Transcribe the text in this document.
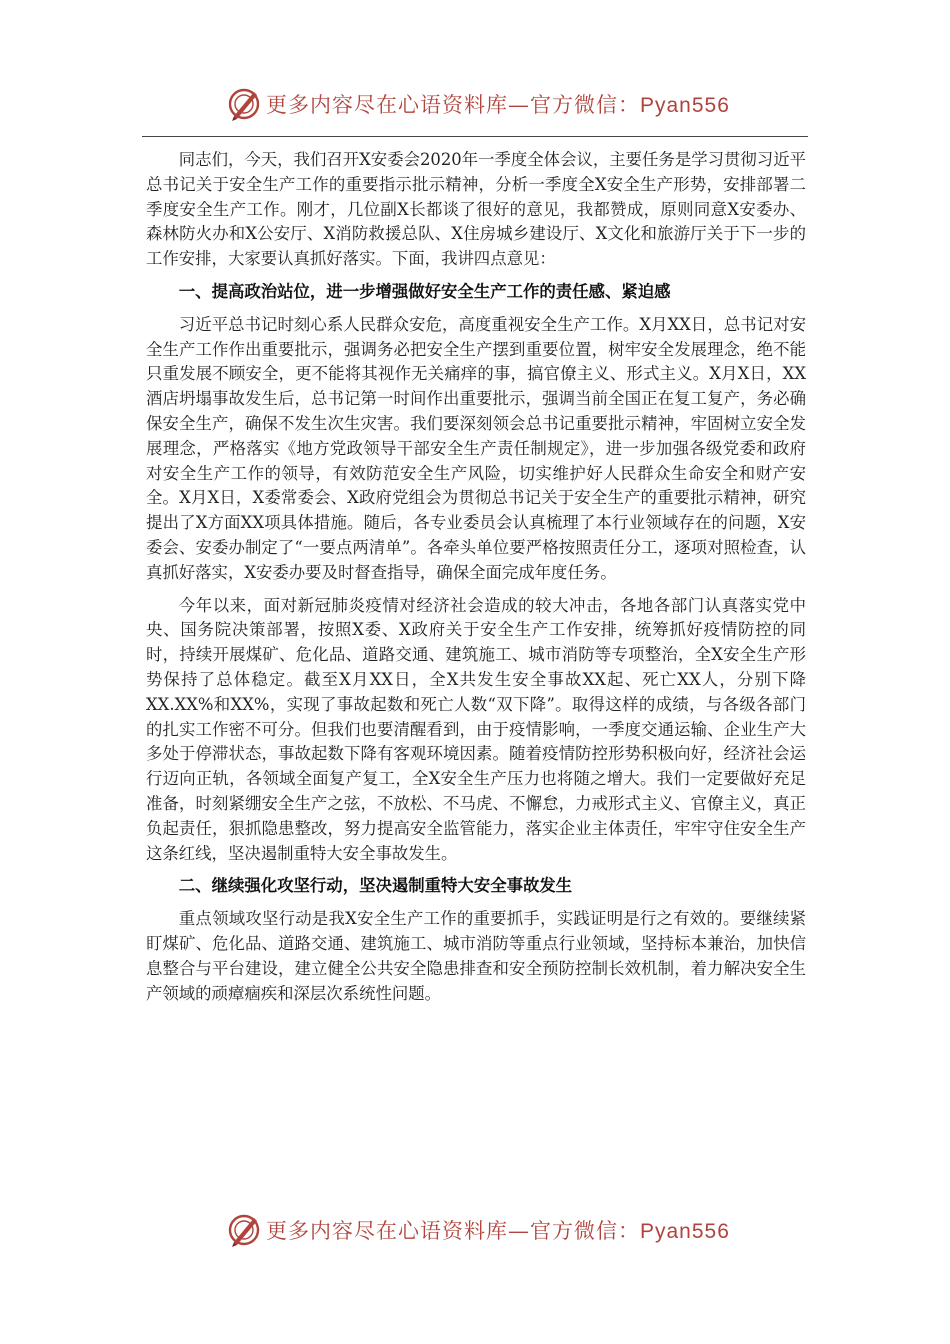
更多内容尽在心语资料库—官方微信：Pyan556

同志们，今天，我们召开X安委会2020年一季度全体会议，主要任务是学习贯彻习近平总书记关于安全生产工作的重要指示批示精神，分析一季度全X安全生产形势，安排部署二季度安全生产工作。刚才，几位副X长都谈了很好的意见，我都赞成，原则同意X安委办、森林防火办和X公安厅、X消防救援总队、X住房城乡建设厅、X文化和旅游厅关于下一步的工作安排，大家要认真抓好落实。下面，我讲四点意见：

一、提高政治站位，进一步增强做好安全生产工作的责任感、紧迫感

习近平总书记时刻心系人民群众安危，高度重视安全生产工作。X月XX日，总书记对安全生产工作作出重要批示，强调务必把安全生产摆到重要位置，树牢安全发展理念，绝不能只重发展不顾安全，更不能将其视作无关痛痒的事，搞官僚主义、形式主义。X月X日，XX酒店坍塌事故发生后，总书记第一时间作出重要批示，强调当前全国正在复工复产，务必确保安全生产，确保不发生次生灾害。我们要深刻领会总书记重要批示精神，牢固树立安全发展理念，严格落实《地方党政领导干部安全生产责任制规定》，进一步加强各级党委和政府对安全生产工作的领导，有效防范安全生产风险，切实维护好人民群众生命安全和财产安全。X月X日，X委常委会、X政府党组会为贯彻总书记关于安全生产的重要批示精神，研究提出了X方面XX项具体措施。随后，各专业委员会认真梳理了本行业领域存在的问题，X安委会、安委办制定了“一要点两清单”。各牵头单位要严格按照责任分工，逐项对照检查，认真抓好落实，X安委办要及时督查指导，确保全面完成年度任务。

今年以来，面对新冠肺炎疫情对经济社会造成的较大冲击，各地各部门认真落实党中央、国务院决策部署，按照X委、X政府关于安全生产工作安排，统筹抓好疫情防控的同时，持续开展煤矿、危化品、道路交通、建筑施工、城市消防等专项整治，全X安全生产形势保持了总体稳定。截至X月XX日，全X共发生安全事故XX起、死亡XX人，分别下降XX.XX%和XX%，实现了事故起数和死亡人数“双下降”。取得这样的成绩，与各级各部门的扎实工作密不可分。但我们也要清醒看到，由于疫情影响，一季度交通运输、企业生产大多处于停滞状态，事故起数下降有客观环境因素。随着疫情防控形势积极向好，经济社会运行迈向正轨，各领域全面复产复工，全X安全生产压力也将随之增大。我们一定要做好充足准备，时刻紧绷安全生产之弦，不放松、不马虎、不懈怠，力戒形式主义、官僚主义，真正负起责任，狠抓隐患整改，努力提高安全监管能力，落实企业主体责任，牢牢守住安全生产这条红线，坚决遏制重特大安全事故发生。

二、继续强化攻坚行动，坚决遏制重特大安全事故发生

重点领域攻坚行动是我X安全生产工作的重要抓手，实践证明是行之有效的。要继续紧盯煤矿、危化品、道路交通、建筑施工、城市消防等重点行业领域，坚持标本兼治，加快信息整合与平台建设，建立健全公共安全隐患排查和安全预防控制长效机制，着力解决安全生产领域的顽瘴痼疾和深层次系统性问题。

更多内容尽在心语资料库—官方微信：Pyan556
